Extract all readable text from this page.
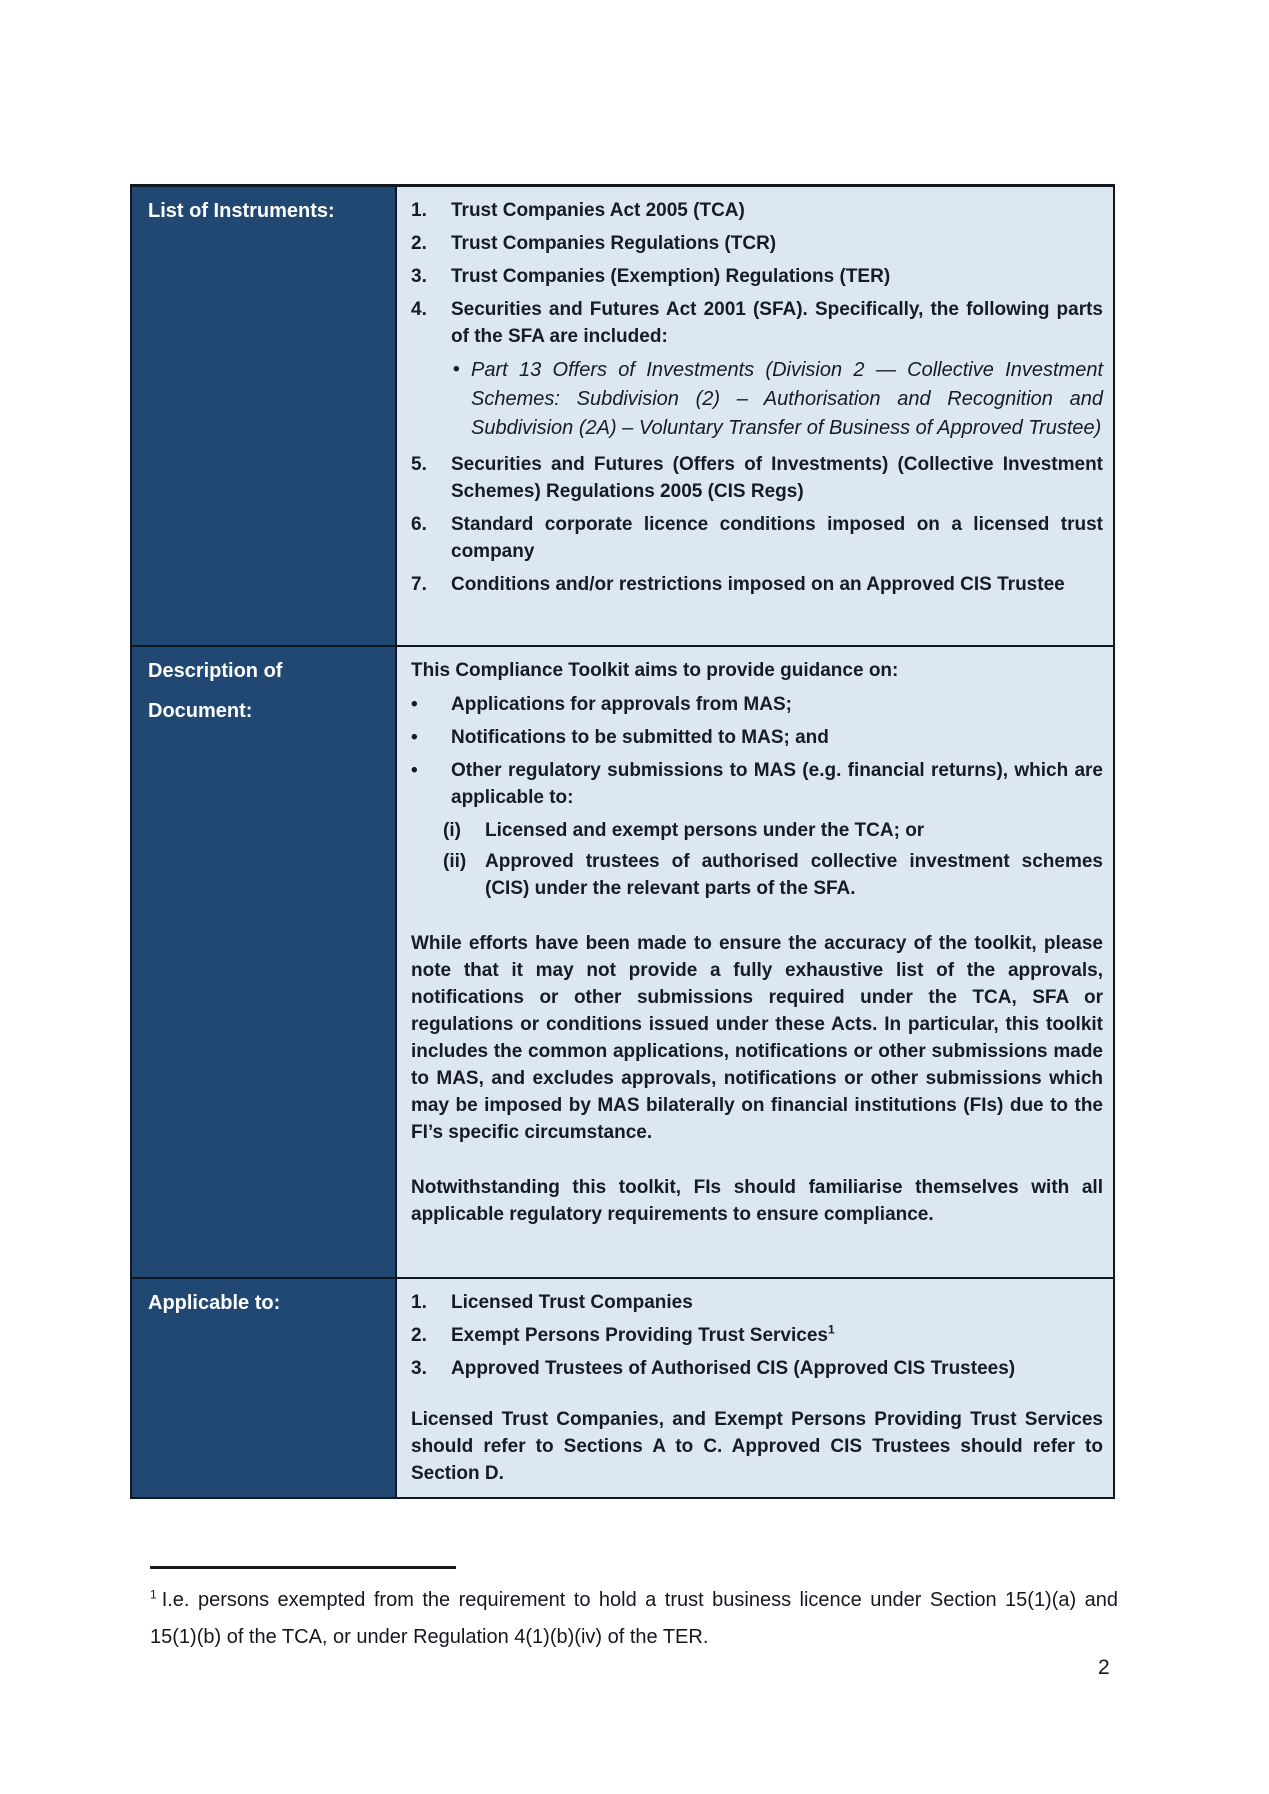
List of Instruments:	1.	Trust Companies Act 2005 (TCA)
2.	Trust Companies Regulations (TCR)
3.	Trust Companies (Exemption) Regulations (TER)
4.	Securities and Futures Act 2001 (SFA). Specifically, the following parts of the SFA are included:
• Part 13 Offers of Investments (Division 2 — Collective Investment Schemes: Subdivision (2) – Authorisation and Recognition and Subdivision (2A) – Voluntary Transfer of Business of Approved Trustee)
5.	Securities and Futures (Offers of Investments) (Collective Investment Schemes) Regulations 2005 (CIS Regs)
6.	Standard corporate licence conditions imposed on a licensed trust company
7.	Conditions and/or restrictions imposed on an Approved CIS Trustee
Description of Document:
This Compliance Toolkit aims to provide guidance on:
•	Applications for approvals from MAS;
•	Notifications to be submitted to MAS; and
•	Other regulatory submissions to MAS (e.g. financial returns), which are applicable to:
(i)	Licensed and exempt persons under the TCA; or
(ii) Approved trustees of authorised collective investment schemes (CIS) under the relevant parts of the SFA.
While efforts have been made to ensure the accuracy of the toolkit, please note that it may not provide a fully exhaustive list of the approvals, notifications or other submissions required under the TCA, SFA or regulations or conditions issued under these Acts. In particular, this toolkit includes the common applications, notifications or other submissions made to MAS, and excludes approvals, notifications or other submissions which may be imposed by MAS bilaterally on financial institutions (FIs) due to the FI’s specific circumstance.
Notwithstanding this toolkit, FIs should familiarise themselves with all applicable regulatory requirements to ensure compliance.
Applicable to:	1.	Licensed Trust Companies
2.	Exempt Persons Providing Trust Services$^1$
3.	Approved Trustees of Authorised CIS (Approved CIS Trustees)
Licensed Trust Companies, and Exempt Persons Providing Trust Services should refer to Sections A to C. Approved CIS Trustees should refer to Section D.
$^1$ I.e. persons exempted from the requirement to hold a trust business licence under Section 15(1)(a) and 15(1)(b) of the TCA, or under Regulation 4(1)(b)(iv) of the TER.
2
